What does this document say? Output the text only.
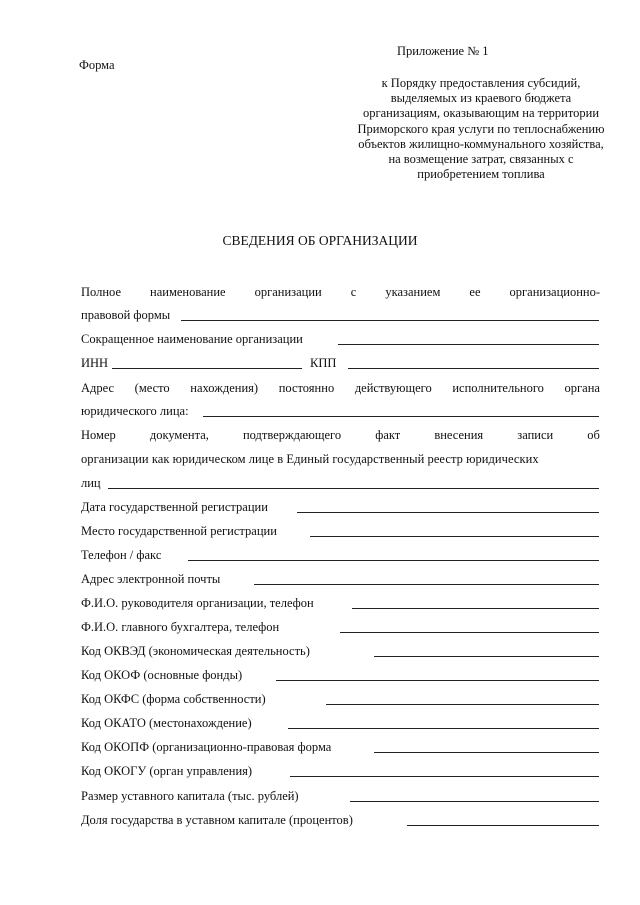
Форма
Приложение № 1
к Порядку предоставления субсидий, выделяемых из краевого бюджета организациям, оказывающим на территории Приморского края услуги по теплоснабжению объектов жилищно-коммунального хозяйства, на возмещение затрат, связанных с приобретением топлива
СВЕДЕНИЯ ОБ ОРГАНИЗАЦИИ
Полное наименование организации с указанием ее организационно-
правовой формы
Сокращенное наименование организации
ИНН	КПП
Адрес (место нахождения) постоянно действующего исполнительного органа
юридического лица:
Номер	документа,	подтверждающего	факт	внесения	записи	об
организации как юридическом лице в Единый государственный реестр юридических
лиц
Дата государственной регистрации
Место государственной регистрации
Телефон / факс
Адрес электронной почты
Ф.И.О. руководителя организации, телефон
Ф.И.О. главного бухгалтера, телефон
Код ОКВЭД (экономическая деятельность)
Код ОКОФ (основные фонды)
Код ОКФС (форма собственности)
Код ОКАТО (местонахождение)
Код ОКОПФ (организационно-правовая форма
Код ОКОГУ (орган управления)
Размер уставного капитала (тыс. рублей)
Доля государства в уставном капитале (процентов)
